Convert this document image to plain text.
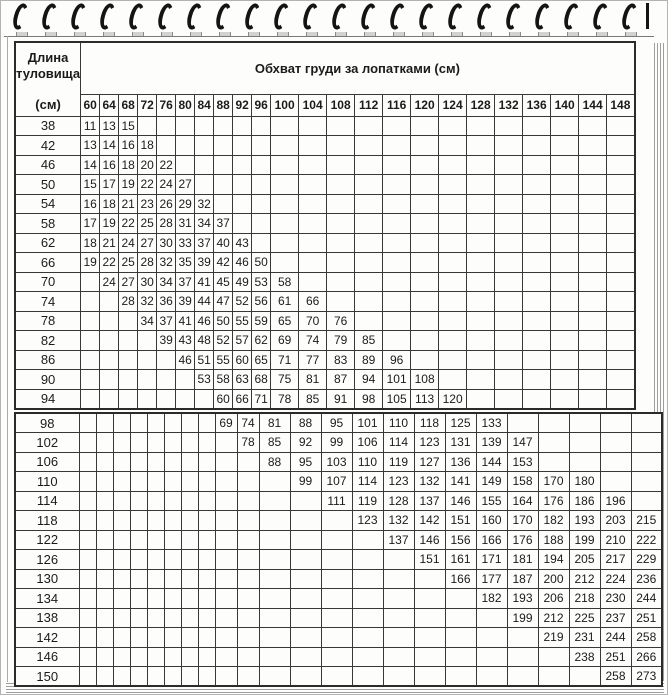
Длина
туловища
(см)	Обхват груди за лопатками (см)																						
	60	64	68	72	76	80	84	88	92	96	100	104	108	112	116	120	124	128	132	136	140	144	148
38	11	13	15																				
42	13	14	16	18																			
46	14	16	18	20	22																		
50	15	17	19	22	24	27																	
54	16	18	21	23	26	29	32																
58	17	19	22	25	28	31	34	37															
62	18	21	24	27	30	33	37	40	43														
66	19	22	25	28	32	35	39	42	46	50													
70		24	27	30	34	37	41	45	49	53	58												
74			28	32	36	39	44	47	52	56	61	66											
78				34	37	41	46	50	55	59	65	70	76										
82					39	43	48	52	57	62	69	74	79	85									
86						46	51	55	60	65	71	77	83	89	96								
90							53	58	63	68	75	81	87	94	101	108							
94								60	66	71	78	85	91	98	105	113	120						
98									69	74	81	88	95	101	110	118	125	133					
102										78	85	92	99	106	114	123	131	139	147				
106											88	95	103	110	119	127	136	144	153				
110												99	107	114	123	132	141	149	158	170	180		
114													111	119	128	137	146	155	164	176	186	196	
118														123	132	142	151	160	170	182	193	203	215
122															137	146	156	166	176	188	199	210	222
126																151	161	171	181	194	205	217	229
130																	166	177	187	200	212	224	236
134																		182	193	206	218	230	244
138																			199	212	225	237	251
142																				219	231	244	258
146																					238	251	266
150																						258	273
